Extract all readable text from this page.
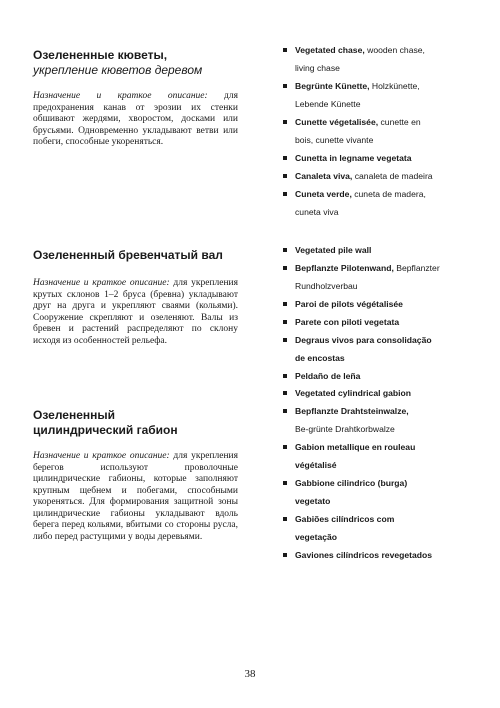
Озелененные кюветы,
укрепление кюветов деревом

Назначение и краткое описание: для предохранения канав от эрозии их стенки обшивают жердями, хворостом, досками или брусьями. Одновременно укладывают ветви или побеги, способные укореняться.

Vegetated chase, wooden chase,
living chase
Begrünte Künette, Holzkünette,
Lebende Künette
Cunette végetalisée, cunette en
bois, cunette vivante
Cunetta in legname vegetata
Canaleta viva, canaleta de madeira
Cuneta verde, cuneta de madera,
cuneta viva
Озелененный бревенчатый вал

Назначение и краткое описание: для укрепления крутых склонов 1–2 бруса (бревна) укладывают друг на друга и укрепляют сваями (кольями). Сооружение скрепляют и озеленяют. Валы из бревен и растений распределяют по склону исходя из особенностей рельефа.

Vegetated pile wall
Bepflanzte Pilotenwand, Bepflanzter
Rundholzverbau
Paroi de pilots végétalisée
Parete con piloti vegetata
Degraus vivos para consolidação
de encostas
Peldaño de leña
Озелененный
цилиндрический габион

Назначение и краткое описание: для укрепления берегов используют проволочные цилиндрические габионы, которые заполняют крупным щебнем и побегами, способными укореняться. Для формирования защитной зоны цилиндрические габионы укладывают вдоль берега перед кольями, вбитыми со стороны русла, либо перед растущими у воды деревьями.

Vegetated cylindrical gabion
Bepflanzte Drahtsteinwalze,
Be-grünte Drahtkorbwalze
Gabion metallique en rouleau
végétalisé
Gabbione cilindrico (burga)
vegetato
Gabiões cilíndricos com
vegetação
Gaviones cilíndricos revegetados
38
